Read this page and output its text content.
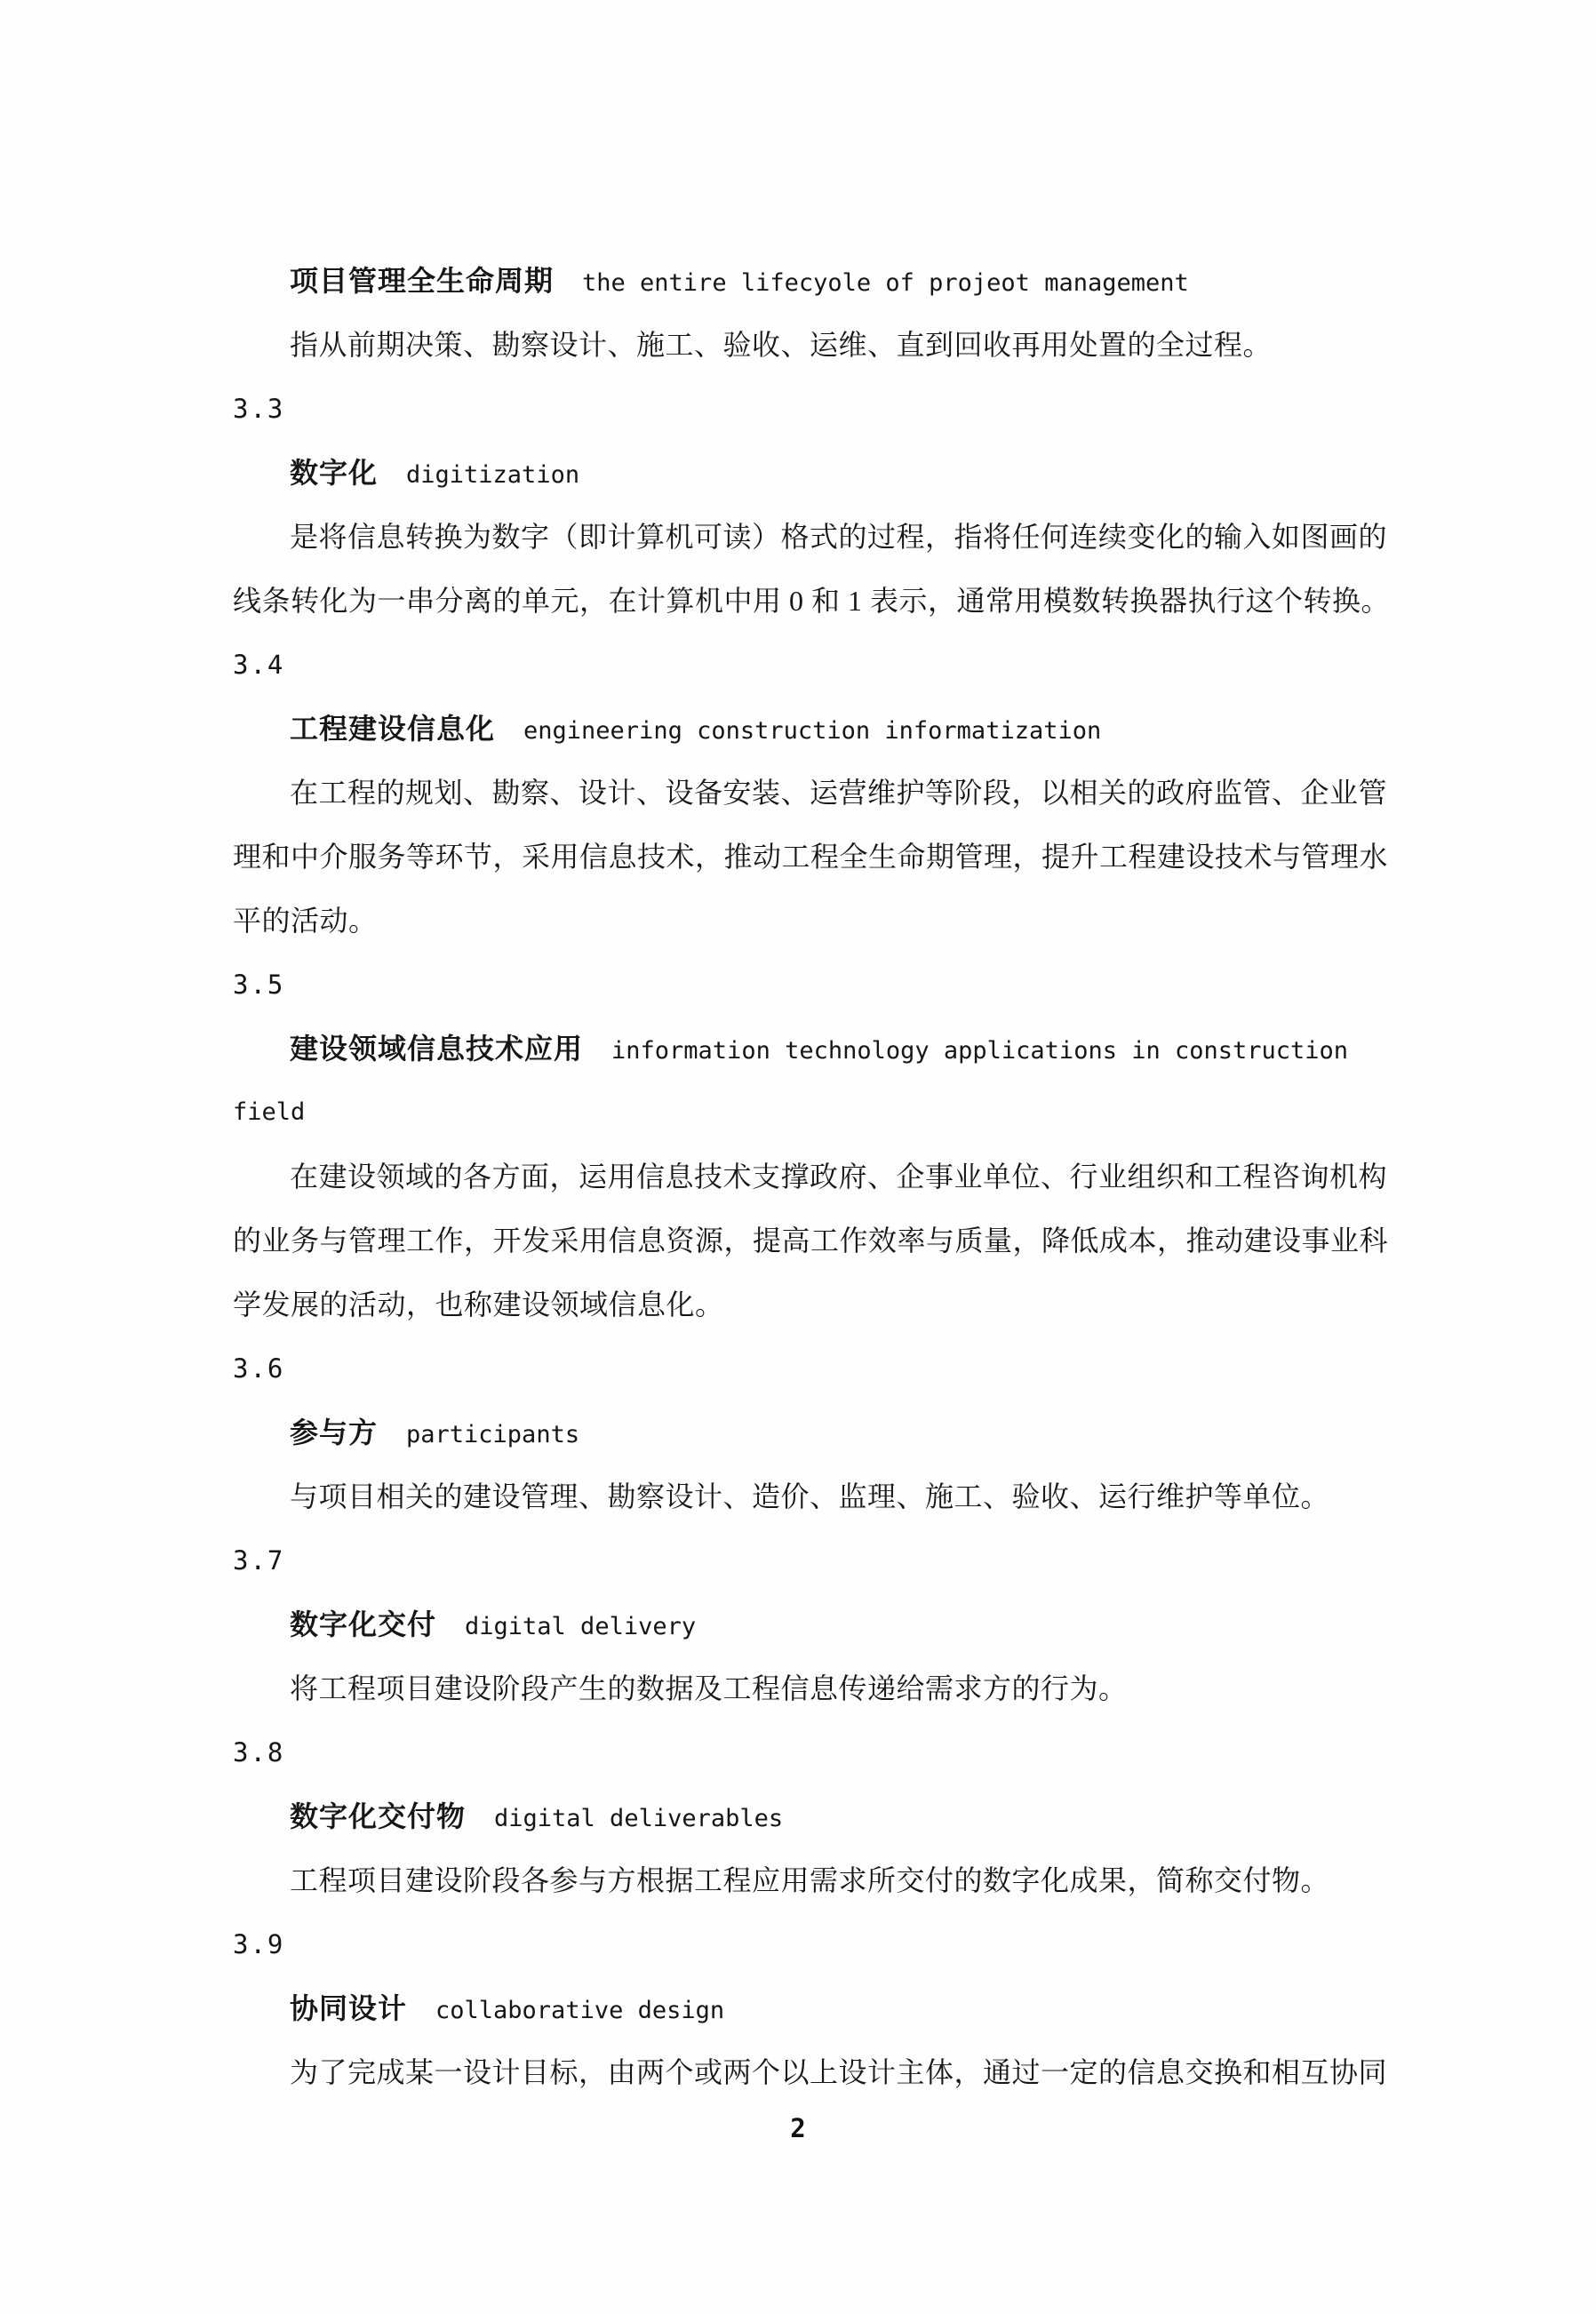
项目管理全生命周期 the entire lifecyole of projeot management
指从前期决策、勘察设计、施工、验收、运维、直到回收再用处置的全过程。
3.3
数字化 digitization
是将信息转换为数字（即计算机可读）格式的过程，指将任何连续变化的输入如图画的
线条转化为一串分离的单元，在计算机中用 0 和 1 表示，通常用模数转换器执行这个转换。
3.4
工程建设信息化 engineering construction informatization
在工程的规划、勘察、设计、设备安装、运营维护等阶段，以相关的政府监管、企业管
理和中介服务等环节，采用信息技术，推动工程全生命期管理，提升工程建设技术与管理水
平的活动。
3.5
建设领域信息技术应用 information technology applications in construction
field
在建设领域的各方面，运用信息技术支撑政府、企事业单位、行业组织和工程咨询机构
的业务与管理工作，开发采用信息资源，提高工作效率与质量，降低成本，推动建设事业科
学发展的活动，也称建设领域信息化。
3.6
参与方 participants
与项目相关的建设管理、勘察设计、造价、监理、施工、验收、运行维护等单位。
3.7
数字化交付 digital delivery
将工程项目建设阶段产生的数据及工程信息传递给需求方的行为。
3.8
数字化交付物 digital deliverables
工程项目建设阶段各参与方根据工程应用需求所交付的数字化成果，简称交付物。
3.9
协同设计 collaborative design
为了完成某一设计目标，由两个或两个以上设计主体，通过一定的信息交换和相互协同
2
